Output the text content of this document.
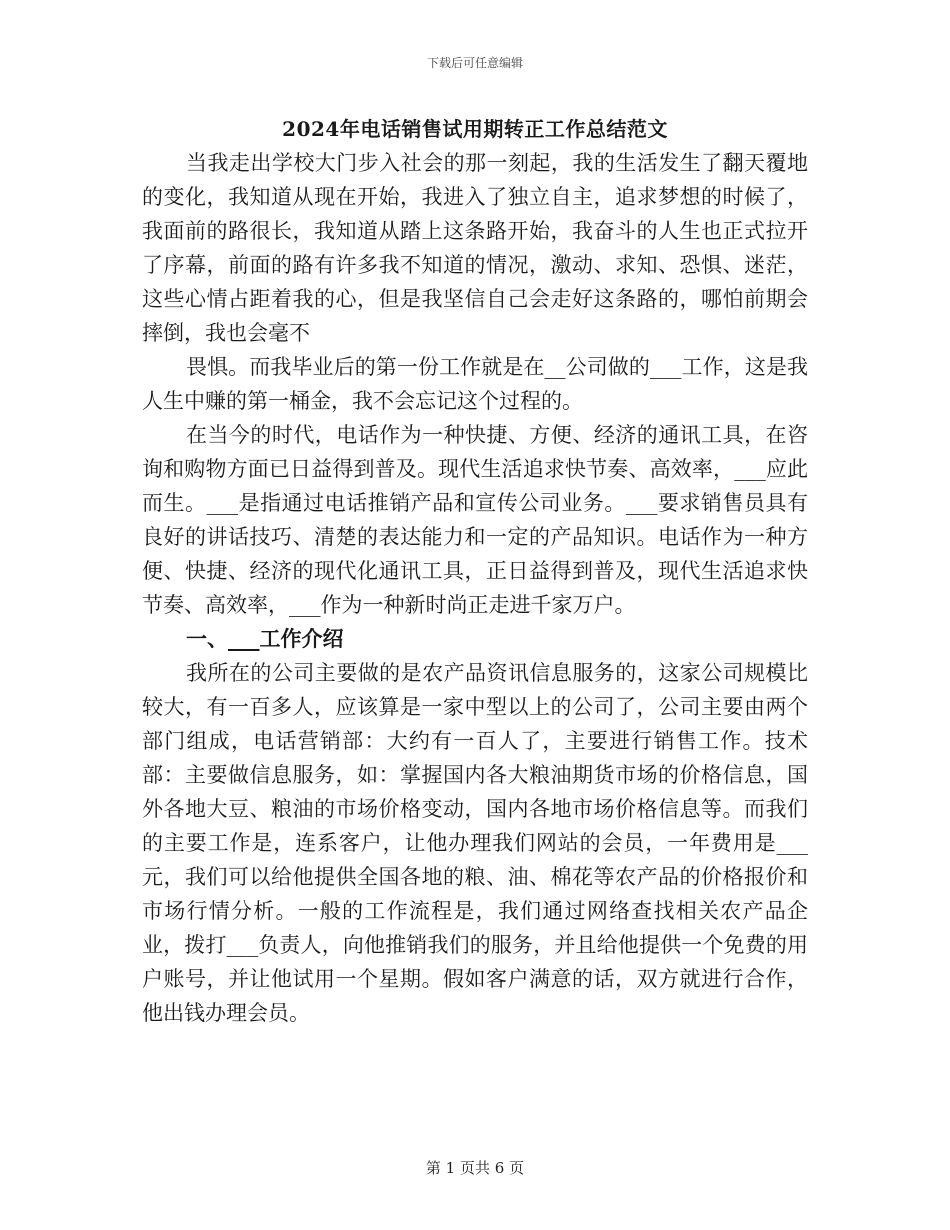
下载后可任意编辑
2024年电话销售试用期转正工作总结范文

当我走出学校大门步入社会的那一刻起，我的生活发生了翻天覆地的变化，我知道从现在开始，我进入了独立自主，追求梦想的时候了，我面前的路很长，我知道从踏上这条路开始，我奋斗的人生也正式拉开了序幕，前面的路有许多我不知道的情况，激动、求知、恐惧、迷茫，这些心情占距着我的心，但是我坚信自己会走好这条路的，哪怕前期会摔倒，我也会毫不

畏惧。而我毕业后的第一份工作就是在__公司做的___工作，这是我人生中赚的第一桶金，我不会忘记这个过程的。

在当今的时代，电话作为一种快捷、方便、经济的通讯工具，在咨询和购物方面已日益得到普及。现代生活追求快节奏、高效率，___应此而生。___是指通过电话推销产品和宣传公司业务。___要求销售员具有良好的讲话技巧、清楚的表达能力和一定的产品知识。电话作为一种方便、快捷、经济的现代化通讯工具，正日益得到普及，现代生活追求快节奏、高效率，___作为一种新时尚正走进千家万户。

一、___工作介绍

我所在的公司主要做的是农产品资讯信息服务的，这家公司规模比较大，有一百多人，应该算是一家中型以上的公司了，公司主要由两个部门组成，电话营销部：大约有一百人了，主要进行销售工作。技术部：主要做信息服务，如：掌握国内各大粮油期货市场的价格信息，国外各地大豆、粮油的市场价格变动，国内各地市场价格信息等。而我们的主要工作是，连系客户，让他办理我们网站的会员，一年费用是___元，我们可以给他提供全国各地的粮、油、棉花等农产品的价格报价和市场行情分析。一般的工作流程是，我们通过网络查找相关农产品企业，拨打___负责人，向他推销我们的服务，并且给他提供一个免费的用户账号，并让他试用一个星期。假如客户满意的话，双方就进行合作，他出钱办理会员。

第 1 页共 6 页
